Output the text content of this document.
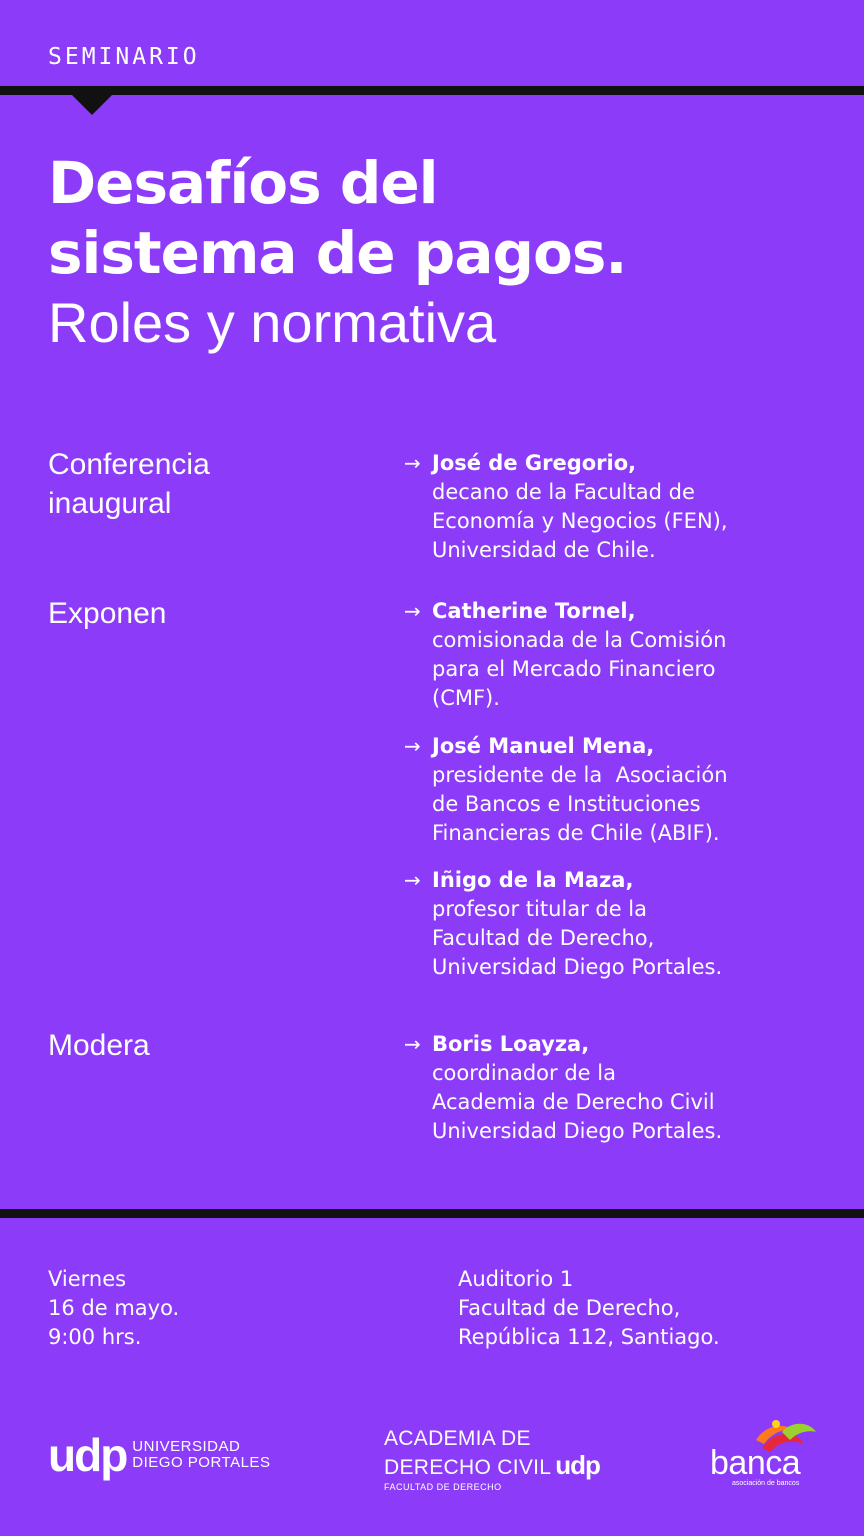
SEMINARIO
Desafíos del
sistema de pagos.
Roles y normativa
Conferencia
inaugural
Exponen
Modera
→ José de Gregorio,
decano de la Facultad de
Economía y Negocios (FEN),
Universidad de Chile.
→ Catherine Tornel,
comisionada de la Comisión
para el Mercado Financiero
(CMF).
→ José Manuel Mena,
presidente de la  Asociación
de Bancos e Instituciones
Financieras de Chile (ABIF).
→ Iñigo de la Maza,
profesor titular de la
Facultad de Derecho,
Universidad Diego Portales.
→ Boris Loayza,
coordinador de la
Academia de Derecho Civil
Universidad Diego Portales.
Viernes
16 de mayo.
9:00 hrs.
Auditorio 1
Facultad de Derecho,
República 112, Santiago.
udp UNIVERSIDAD
DIEGO PORTALES
ACADEMIA DE
DERECHO CIVIL udp
FACULTAD DE DERECHO
banca
asociación de bancos
